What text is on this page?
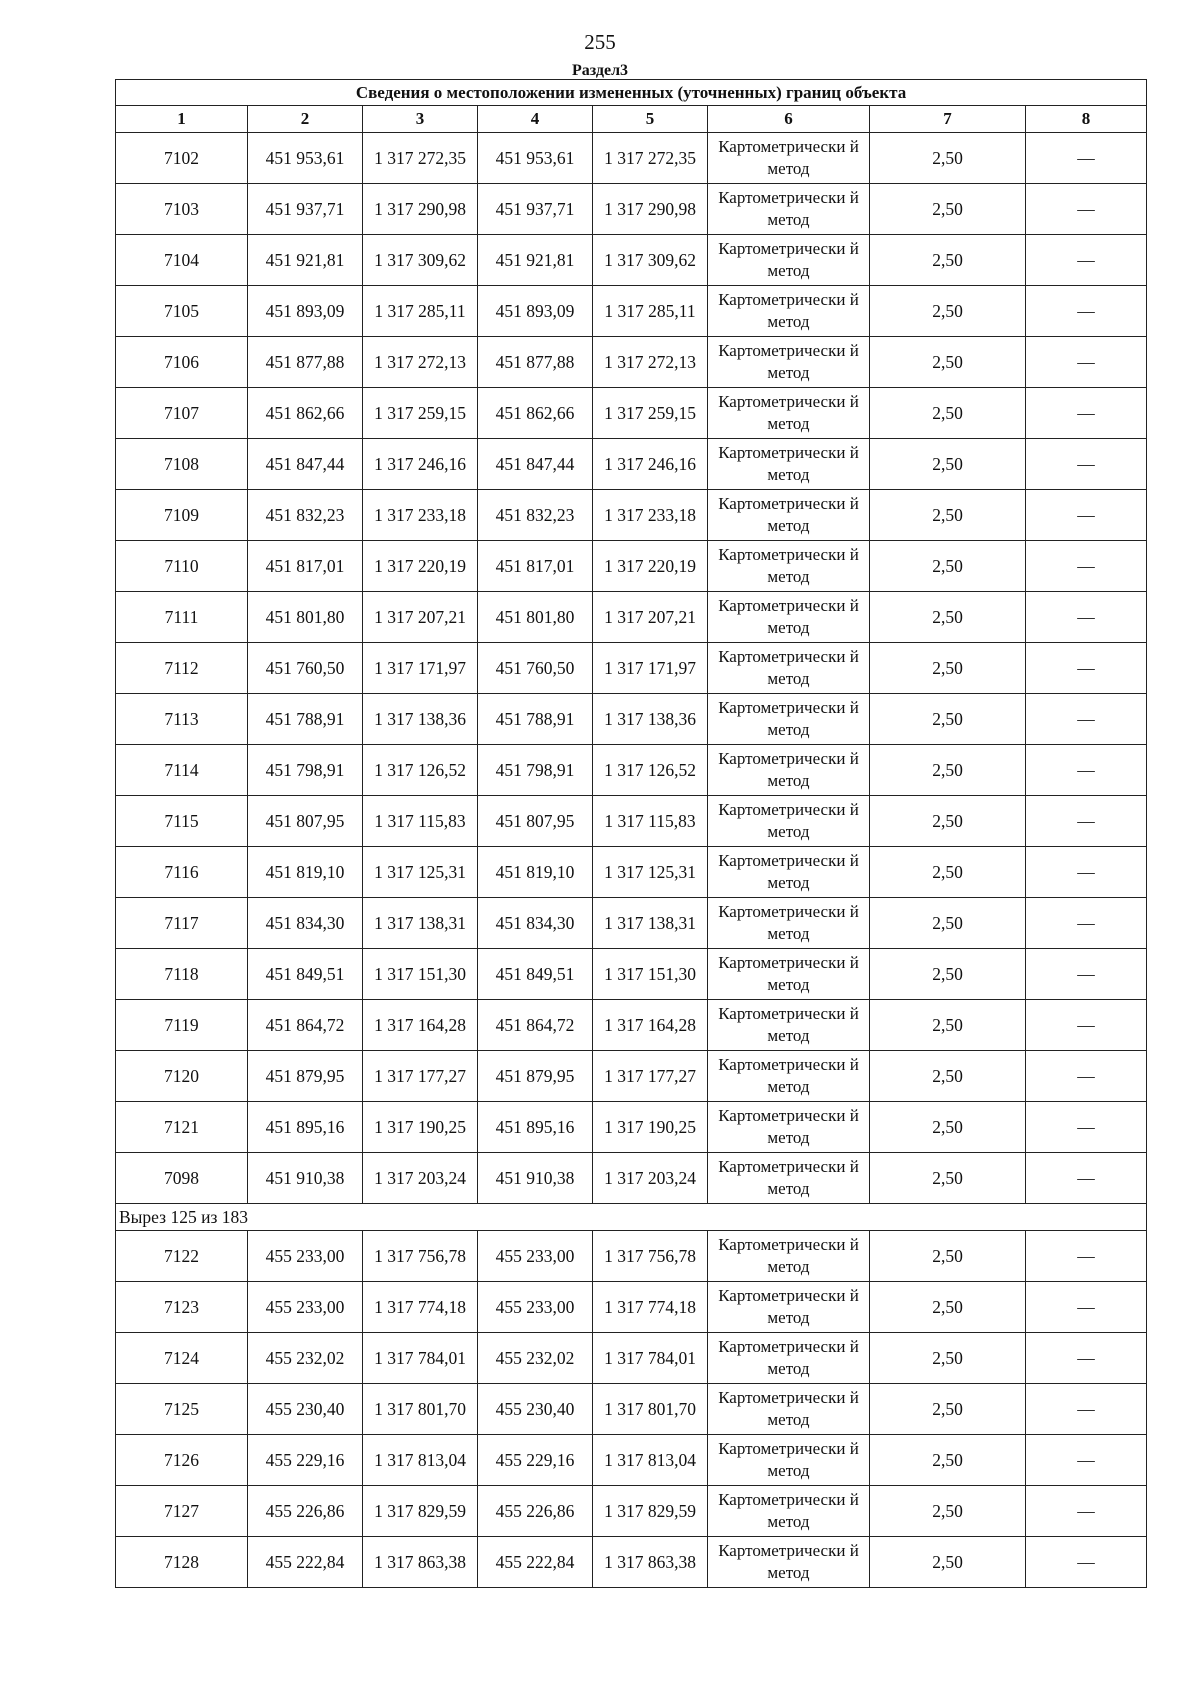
255
Раздел3
Сведения о местоположении измененных (уточненных) границ объекта							
1	2	3	4	5	6	7	8
7102	451 953,61	1 317 272,35	451 953,61	1 317 272,35	Картометрически й метод	2,50	—
7103	451 937,71	1 317 290,98	451 937,71	1 317 290,98	Картометрически й метод	2,50	—
7104	451 921,81	1 317 309,62	451 921,81	1 317 309,62	Картометрически й метод	2,50	—
7105	451 893,09	1 317 285,11	451 893,09	1 317 285,11	Картометрически й метод	2,50	—
7106	451 877,88	1 317 272,13	451 877,88	1 317 272,13	Картометрически й метод	2,50	—
7107	451 862,66	1 317 259,15	451 862,66	1 317 259,15	Картометрически й метод	2,50	—
7108	451 847,44	1 317 246,16	451 847,44	1 317 246,16	Картометрически й метод	2,50	—
7109	451 832,23	1 317 233,18	451 832,23	1 317 233,18	Картометрически й метод	2,50	—
7110	451 817,01	1 317 220,19	451 817,01	1 317 220,19	Картометрически й метод	2,50	—
7111	451 801,80	1 317 207,21	451 801,80	1 317 207,21	Картометрически й метод	2,50	—
7112	451 760,50	1 317 171,97	451 760,50	1 317 171,97	Картометрически й метод	2,50	—
7113	451 788,91	1 317 138,36	451 788,91	1 317 138,36	Картометрически й метод	2,50	—
7114	451 798,91	1 317 126,52	451 798,91	1 317 126,52	Картометрически й метод	2,50	—
7115	451 807,95	1 317 115,83	451 807,95	1 317 115,83	Картометрически й метод	2,50	—
7116	451 819,10	1 317 125,31	451 819,10	1 317 125,31	Картометрически й метод	2,50	—
7117	451 834,30	1 317 138,31	451 834,30	1 317 138,31	Картометрически й метод	2,50	—
7118	451 849,51	1 317 151,30	451 849,51	1 317 151,30	Картометрически й метод	2,50	—
7119	451 864,72	1 317 164,28	451 864,72	1 317 164,28	Картометрически й метод	2,50	—
7120	451 879,95	1 317 177,27	451 879,95	1 317 177,27	Картометрически й метод	2,50	—
7121	451 895,16	1 317 190,25	451 895,16	1 317 190,25	Картометрически й метод	2,50	—
7098	451 910,38	1 317 203,24	451 910,38	1 317 203,24	Картометрически й метод	2,50	—
Вырез 125 из 183							
7122	455 233,00	1 317 756,78	455 233,00	1 317 756,78	Картометрически й метод	2,50	—
7123	455 233,00	1 317 774,18	455 233,00	1 317 774,18	Картометрически й метод	2,50	—
7124	455 232,02	1 317 784,01	455 232,02	1 317 784,01	Картометрически й метод	2,50	—
7125	455 230,40	1 317 801,70	455 230,40	1 317 801,70	Картометрически й метод	2,50	—
7126	455 229,16	1 317 813,04	455 229,16	1 317 813,04	Картометрически й метод	2,50	—
7127	455 226,86	1 317 829,59	455 226,86	1 317 829,59	Картометрически й метод	2,50	—
7128	455 222,84	1 317 863,38	455 222,84	1 317 863,38	Картометрически й метод	2,50	—
